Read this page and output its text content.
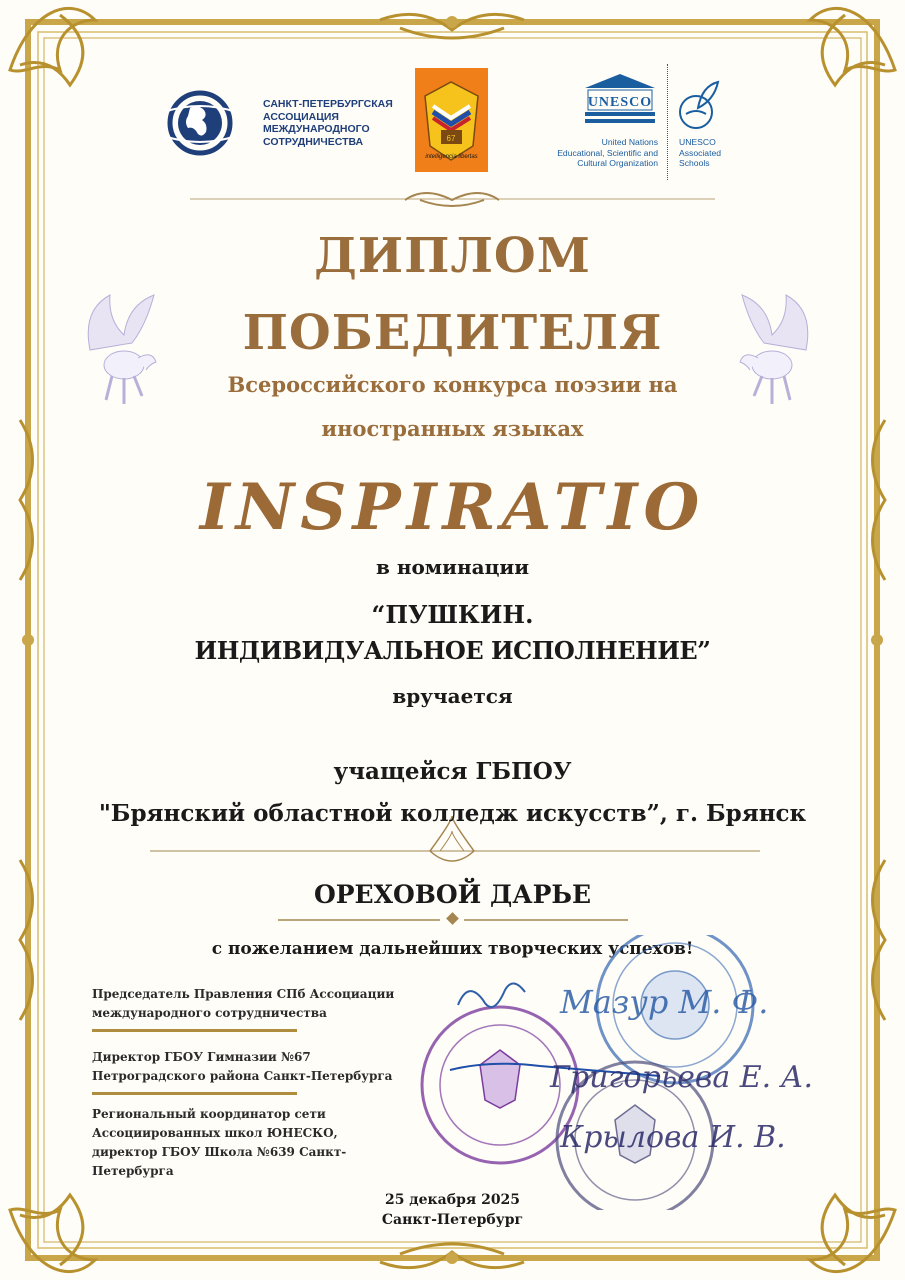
САНКТ-ПЕТЕРБУРГСКАЯ
АССОЦИАЦИЯ
МЕЖДУНАРОДНОГО
СОТРУДНИЧЕСТВА	67
intelligencia libertas
UNESCO
United Nations
Educational, Scientific and
Cultural Organization
UNESCO
Associated
Schools
ДИПЛОМ
ПОБЕДИТЕЛЯ
Всероссийского конкурса поэзии на
иностранных языках
INSPIRATIO
в номинации
“ПУШКИН.
ИНДИВИДУАЛЬНОЕ ИСПОЛНЕНИЕ”
вручается
учащейся ГБПОУ
"Брянский областной колледж искусств”, г. Брянск
ОРЕХОВОЙ ДАРЬЕ
с пожеланием дальнейших творческих успехов!
Мазур М. Ф.
Григорьева Е. А.
Крылова И. В.
Председатель Правления СПб Ассоциации
международного сотрудничества
Директор ГБОУ Гимназии №67
Петроградского района Санкт-Петербурга
Региональный координатор сети
Ассоциированных школ ЮНЕСКО,
директор ГБОУ Школа №639 Санкт-Петербурга
25 декабря 2025
Санкт-Петербург
